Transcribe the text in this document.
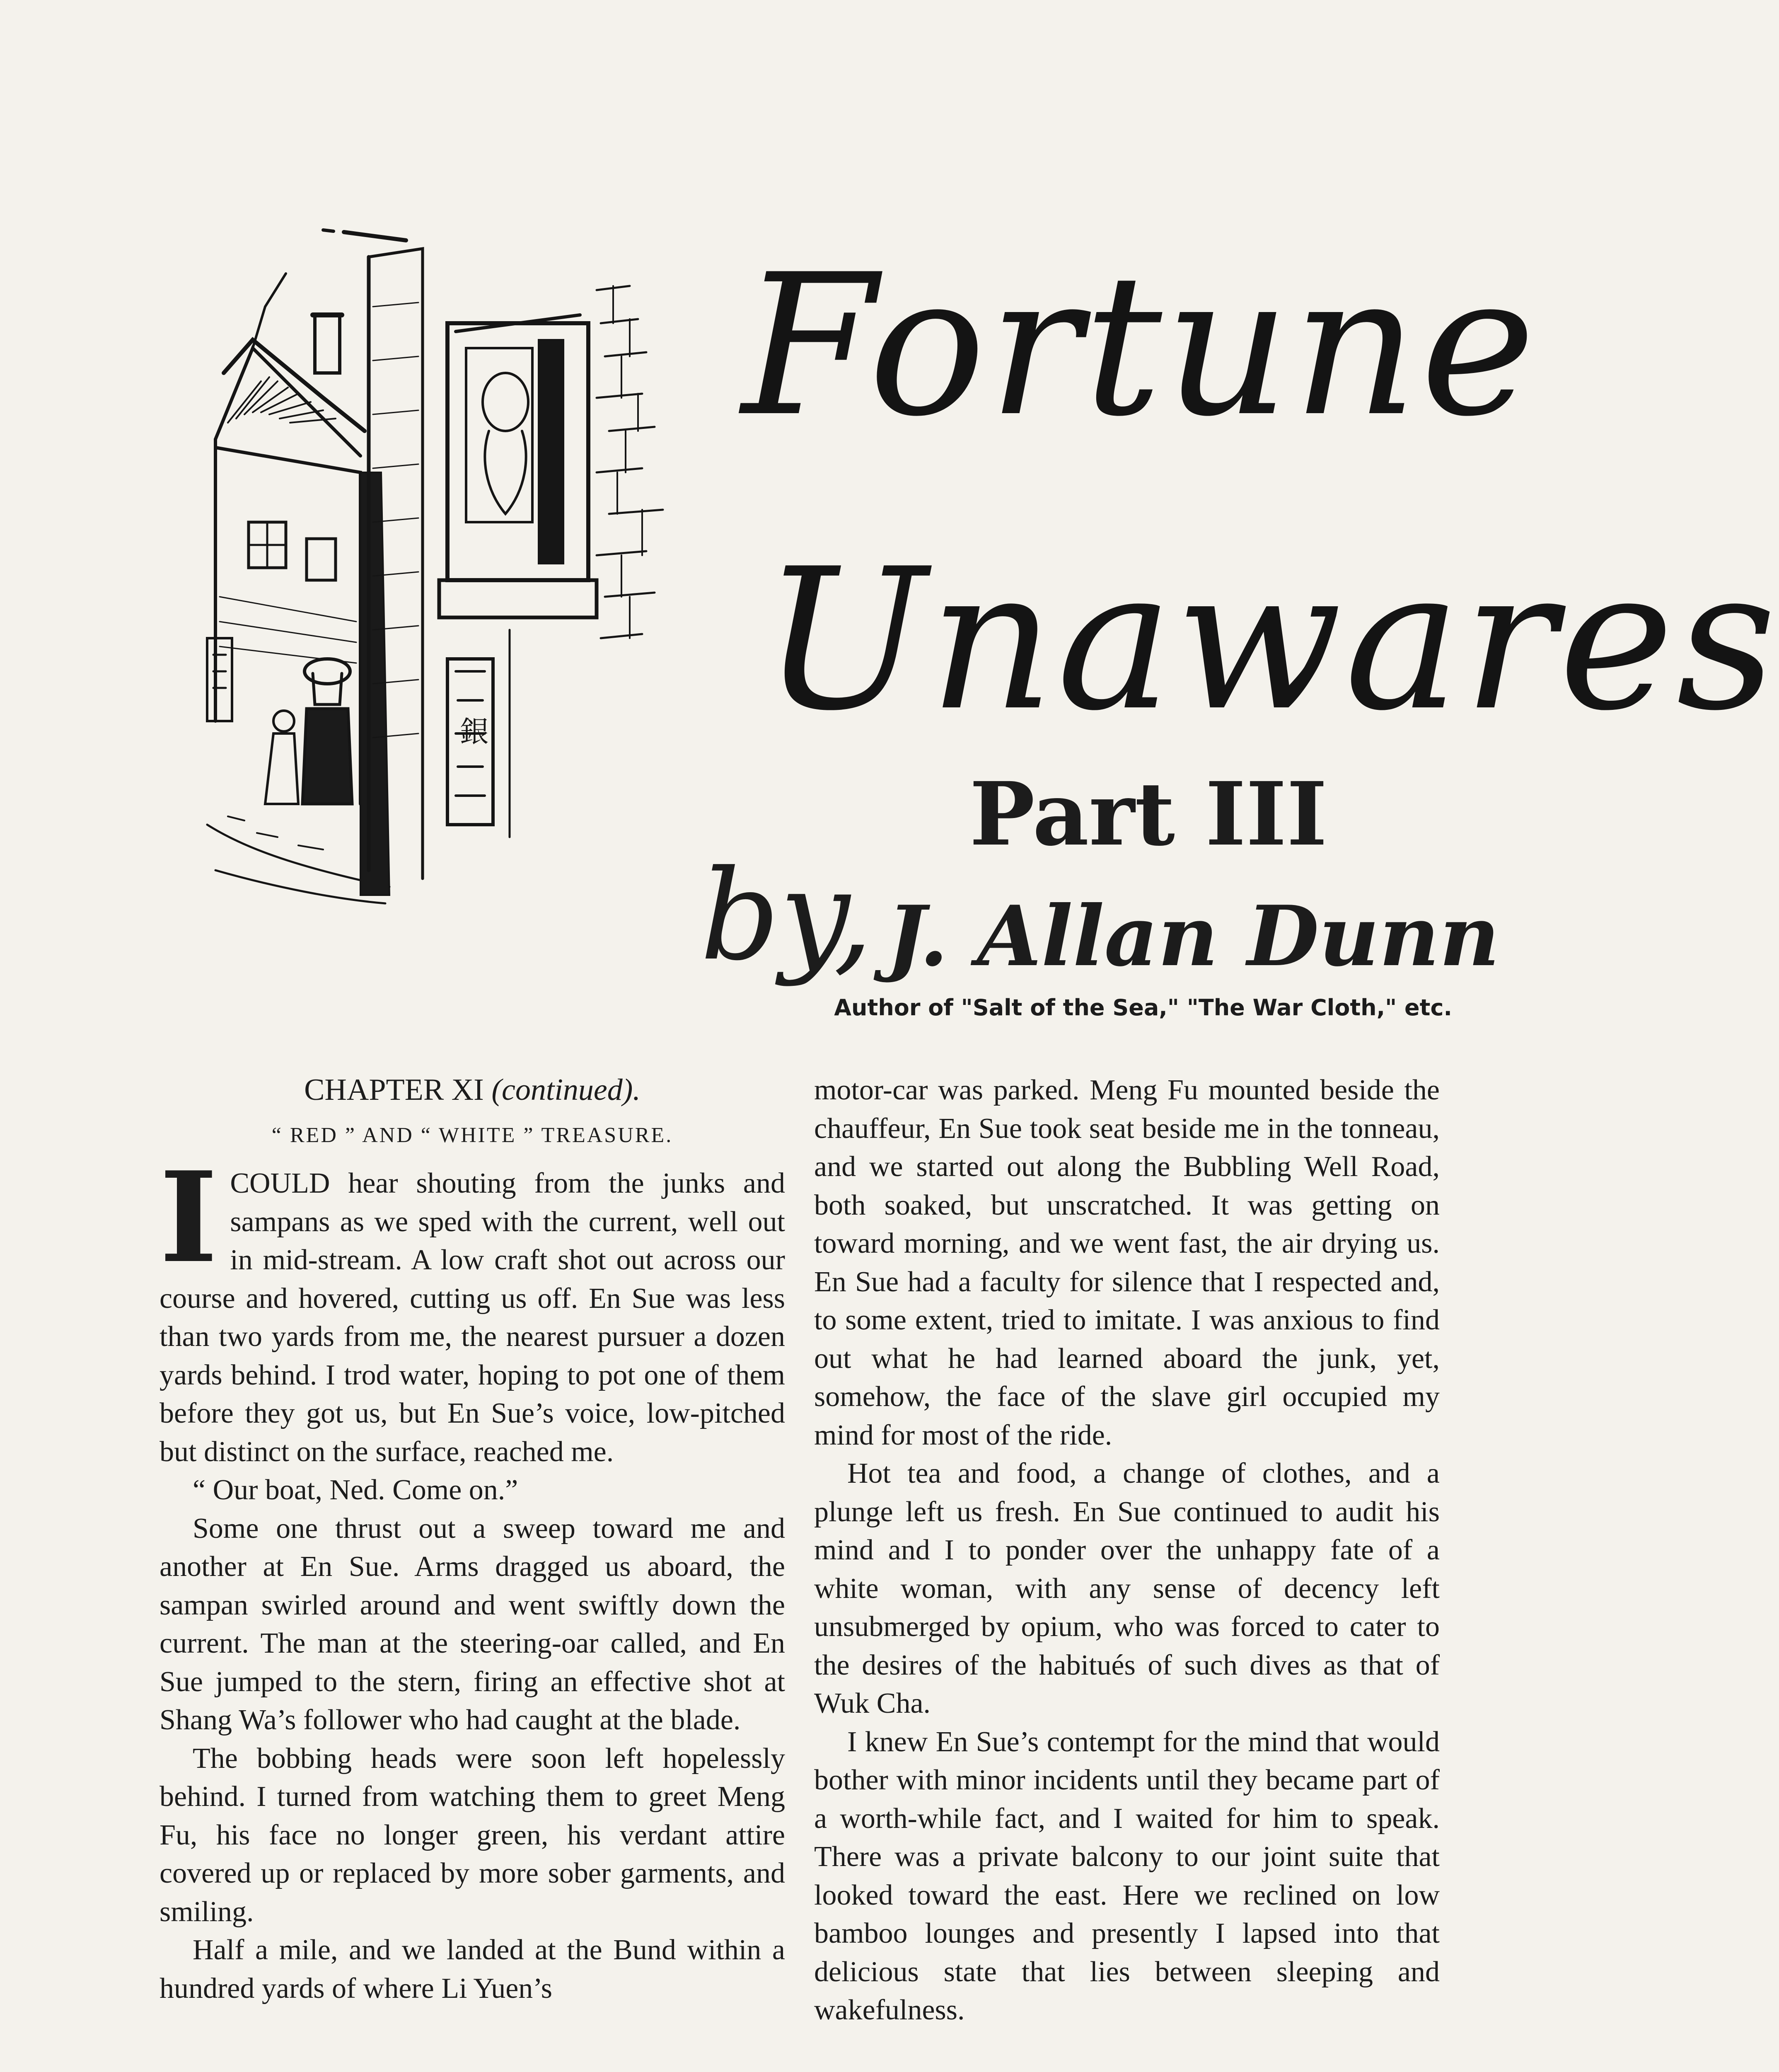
銀
Fortune
Unawares
Part III
by, J. Allan Dunn
Author of "Salt of the Sea," "The War Cloth," etc.
CHAPTER XI (continued).
“ RED ” AND “ WHITE ” TREASURE.

ICOULD hear shouting from the junks and sampans as we sped with the current, well out in mid-stream. A low craft shot out across our course and hovered, cutting us off. En Sue was less than two yards from me, the nearest pursuer a dozen yards behind. I trod water, hoping to pot one of them before they got us, but En Sue’s voice, low-pitched but distinct on the surface, reached me.

“ Our boat, Ned. Come on.”

Some one thrust out a sweep toward me and another at En Sue. Arms dragged us aboard, the sampan swirled around and went swiftly down the current. The man at the steering-oar called, and En Sue jumped to the stern, firing an effective shot at Shang Wa’s follower who had caught at the blade.

The bobbing heads were soon left hopelessly behind. I turned from watching them to greet Meng Fu, his face no longer green, his verdant attire covered up or replaced by more sober garments, and smiling.

Half a mile, and we landed at the Bund within a hundred yards of where Li Yuen’s

motor-car was parked. Meng Fu mounted beside the chauffeur, En Sue took seat beside me in the tonneau, and we started out along the Bubbling Well Road, both soaked, but unscratched. It was getting on toward morning, and we went fast, the air drying us. En Sue had a faculty for silence that I respected and, to some extent, tried to imitate. I was anxious to find out what he had learned aboard the junk, yet, somehow, the face of the slave girl occupied my mind for most of the ride.

Hot tea and food, a change of clothes, and a plunge left us fresh. En Sue continued to audit his mind and I to ponder over the unhappy fate of a white woman, with any sense of decency left unsubmerged by opium, who was forced to cater to the desires of the habitués of such dives as that of Wuk Cha.

I knew En Sue’s contempt for the mind that would bother with minor incidents until they became part of a worth-while fact, and I waited for him to speak. There was a private balcony to our joint suite that looked toward the east. Here we reclined on low bamboo lounges and presently I lapsed into that delicious state that lies between sleeping and wakefulness.
